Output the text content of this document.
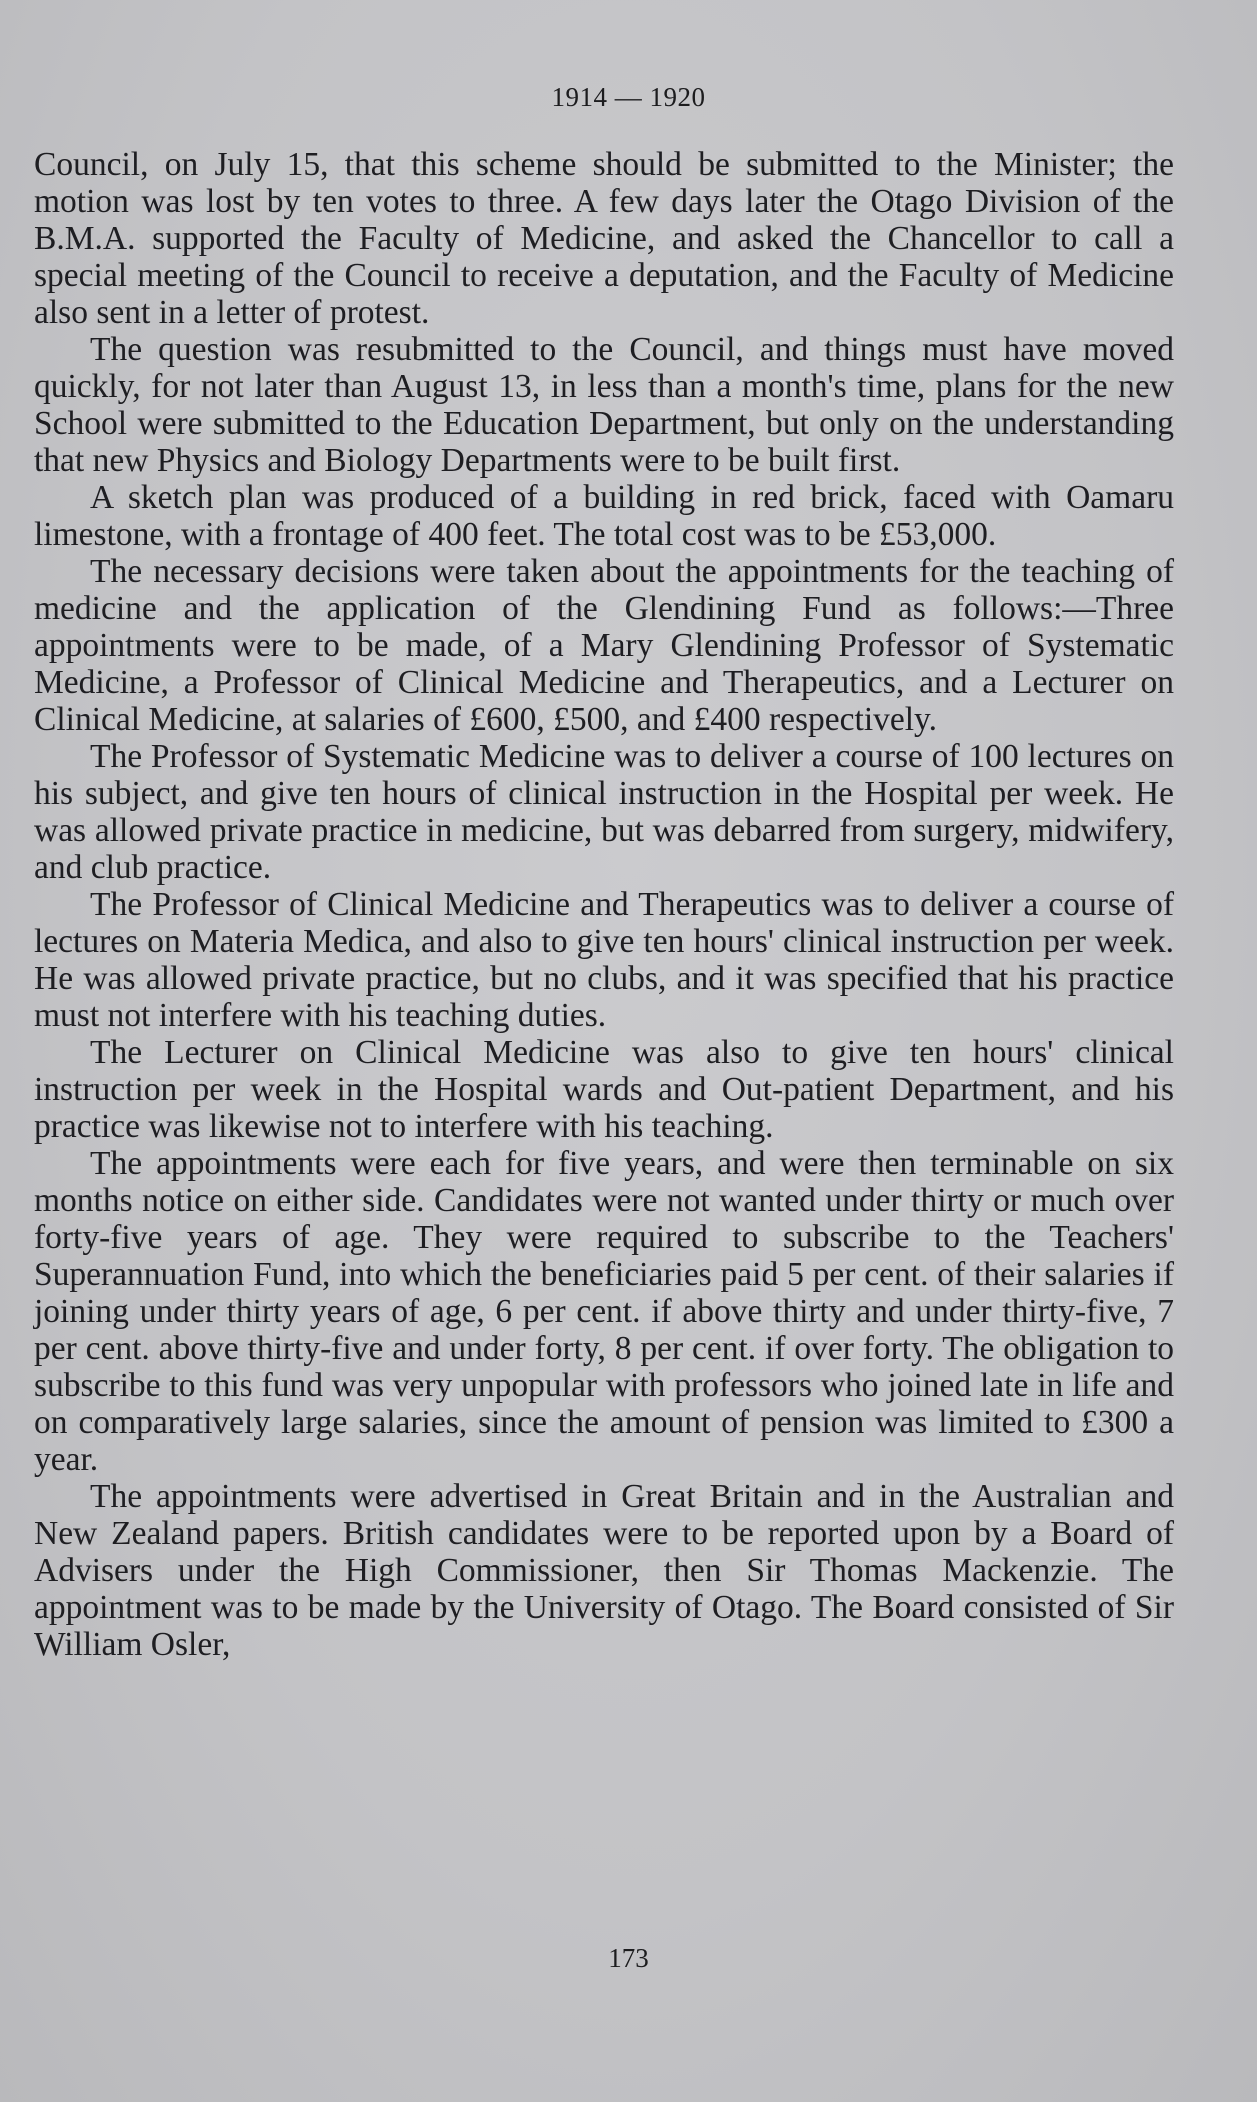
1914 — 1920

Council, on July 15, that this scheme should be submitted to the Minister; the motion was lost by ten votes to three. A few days later the Otago Division of the B.M.A. supported the Faculty of Medicine, and asked the Chancellor to call a special meeting of the Council to receive a deputation, and the Faculty of Medicine also sent in a letter of protest.

The question was resubmitted to the Council, and things must have moved quickly, for not later than August 13, in less than a month's time, plans for the new School were submitted to the Education Department, but only on the understanding that new Physics and Biology Departments were to be built first.

A sketch plan was produced of a building in red brick, faced with Oamaru limestone, with a frontage of 400 feet. The total cost was to be £53,000.

The necessary decisions were taken about the appointments for the teaching of medicine and the application of the Glendining Fund as follows:—Three appointments were to be made, of a Mary Glendining Professor of Systematic Medicine, a Professor of Clinical Medicine and Therapeutics, and a Lecturer on Clinical Medicine, at salaries of £600, £500, and £400 respectively.

The Professor of Systematic Medicine was to deliver a course of 100 lectures on his subject, and give ten hours of clinical instruction in the Hospital per week. He was allowed private practice in medicine, but was debarred from surgery, midwifery, and club practice.

The Professor of Clinical Medicine and Therapeutics was to deliver a course of lectures on Materia Medica, and also to give ten hours' clinical instruction per week. He was allowed private practice, but no clubs, and it was specified that his practice must not interfere with his teaching duties.

The Lecturer on Clinical Medicine was also to give ten hours' clinical instruction per week in the Hospital wards and Out-patient Department, and his practice was likewise not to interfere with his teaching.

The appointments were each for five years, and were then terminable on six months notice on either side. Candidates were not wanted under thirty or much over forty-five years of age. They were required to subscribe to the Teachers' Superannuation Fund, into which the beneficiaries paid 5 per cent. of their salaries if joining under thirty years of age, 6 per cent. if above thirty and under thirty-five, 7 per cent. above thirty-five and under forty, 8 per cent. if over forty. The obligation to subscribe to this fund was very unpopular with professors who joined late in life and on comparatively large salaries, since the amount of pension was limited to £300 a year.

The appointments were advertised in Great Britain and in the Australian and New Zealand papers. British candidates were to be reported upon by a Board of Advisers under the High Commissioner, then Sir Thomas Mackenzie. The appointment was to be made by the University of Otago. The Board consisted of Sir William Osler,

173
